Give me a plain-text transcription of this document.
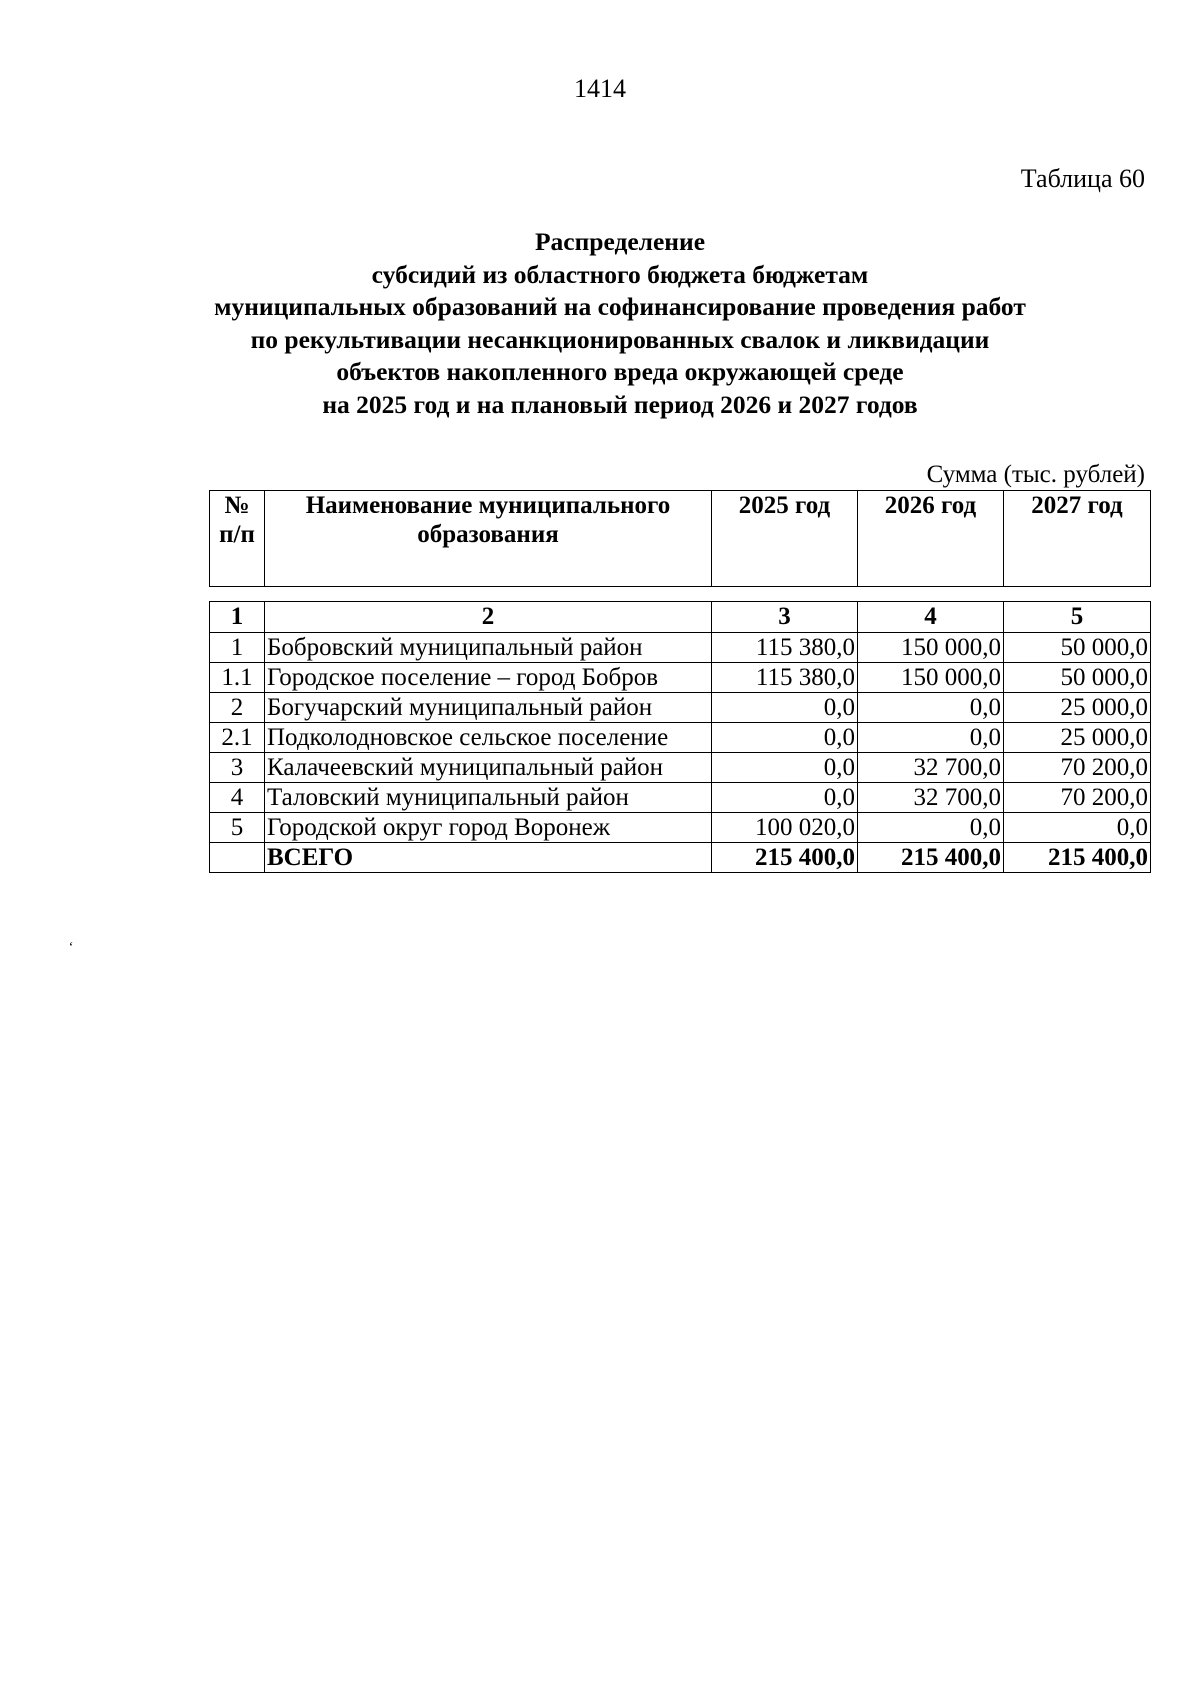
1414
Таблица 60
Распределение
субсидий из областного бюджета бюджетам
муниципальных образований на софинансирование проведения работ
по рекультивации несанкционированных свалок и ликвидации
объектов накопленного вреда окружающей среде
на 2025 год и на плановый период 2026 и 2027 годов
Сумма (тыс. рублей)
№ п/п	Наименование муниципального образования	2025 год	2026 год	2027 год
1	2	3	4	5
1	Бобровский муниципальный район	115 380,0	150 000,0	50 000,0
1.1	Городское поселение – город Бобров	115 380,0	150 000,0	50 000,0
2	Богучарский муниципальный район	0,0	0,0	25 000,0
2.1	Подколодновское сельское поселение	0,0	0,0	25 000,0
3	Калачеевский муниципальный район	0,0	32 700,0	70 200,0
4	Таловский муниципальный район	0,0	32 700,0	70 200,0
5	Городской округ город Воронеж	100 020,0	0,0	0,0
	ВСЕГО	215 400,0	215 400,0	215 400,0
ʻ
